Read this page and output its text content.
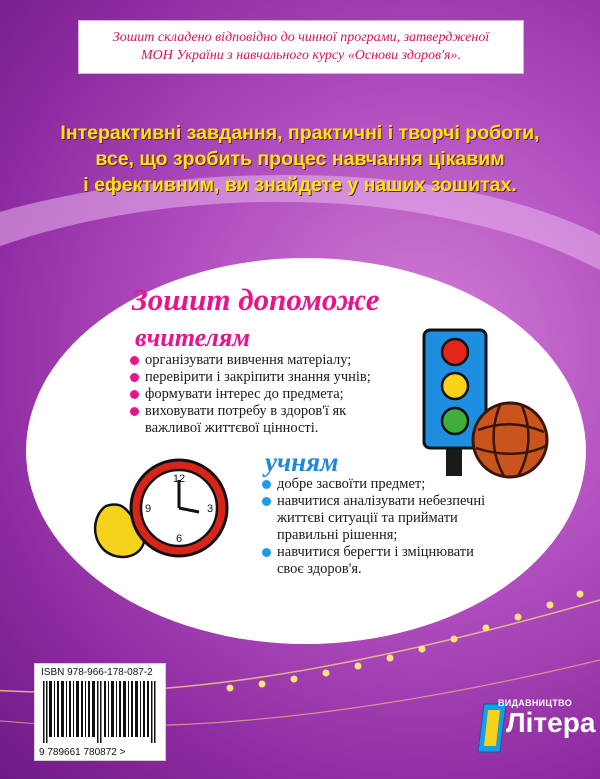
Зошит складено відповідно до чинної програми, затвердженої
МОН України з навчального курсу «Основи здоров'я».
Інтерактивні завдання, практичні і творчі роботи,
все, що зробить процес навчання цікавим
і ефективним, ви знайдете у наших зошитах.
Зошит допоможе
вчителям
організувати вивчення матеріалу;
перевірити і закріпити знання учнів;
формувати інтерес до предмета;
виховувати потребу в здоров'ї як важливої життєвої цінності.
12
3
6
9
учням
добре засвоїти предмет;
навчитися аналізувати небезпечні життєві ситуації та приймати правильні рішення;
навчитися берегти і зміцнювати своє здоров'я.
ISBN 978-966-178-087-2
9 789661 780872 >
ВИДАВНИЦТВО
Літера
